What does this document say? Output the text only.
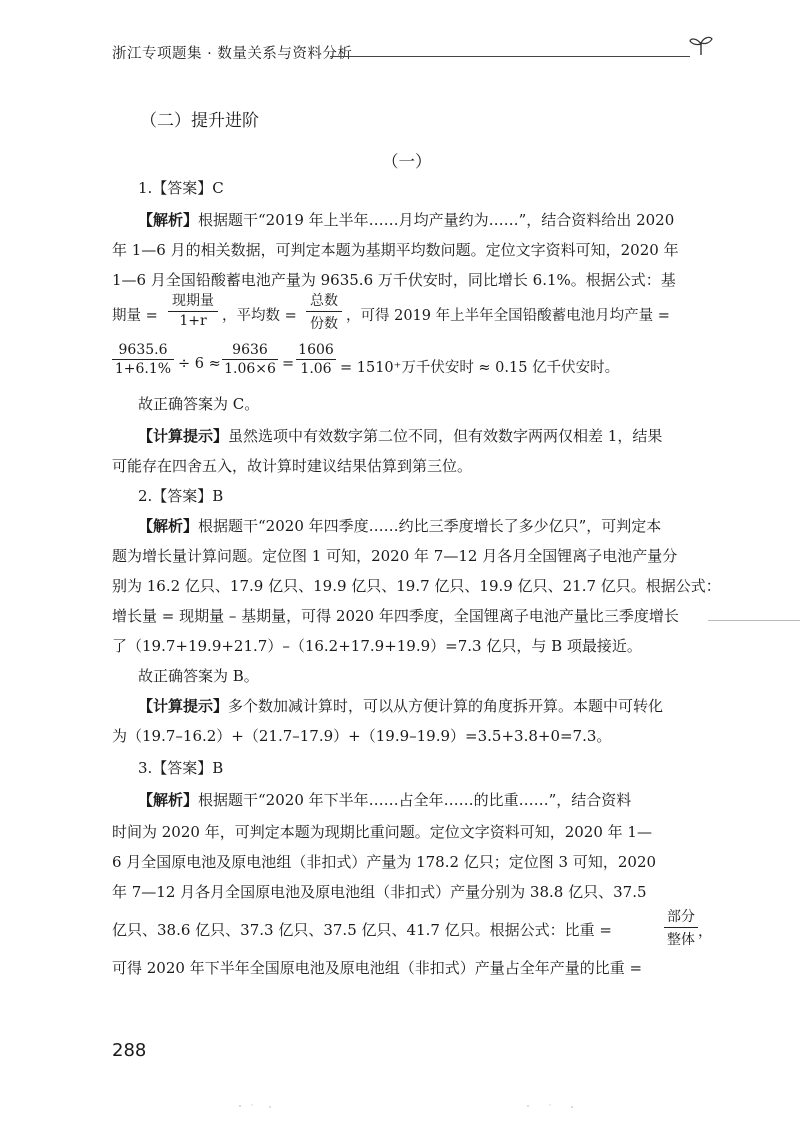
浙江专项题集 · 数量关系与资料分析
（二）提升进阶
（一）
1.【答案】C
【解析】根据题干“2019 年上半年……月均产量约为……”，结合资料给出 2020
年 1—6 月的相关数据，可判定本题为基期平均数问题。定位文字资料可知，2020 年
1—6 月全国铅酸蓄电池产量为 9635.6 万千伏安时，同比增长 6.1%。根据公式：基
期量 =
现期量
1+r	，平均数 =
总数
份数 ，可得 2019 年上半年全国铅酸蓄电池月均产量 =
$\frac{9635.6}{1+6.1\%} \div 6 \approx \frac{9636}{1.06\times 6} = \frac{1606}{1.06} = 1510^+$万千伏安时 ≈ 0.15 亿千伏安时。
故正确答案为 C。
【计算提示】虽然选项中有效数字第二位不同，但有效数字两两仅相差 1，结果
可能存在四舍五入，故计算时建议结果估算到第三位。
2.【答案】B
【解析】根据题干“2020 年四季度……约比三季度增长了多少亿只”，可判定本
题为增长量计算问题。定位图 1 可知，2020 年 7—12 月各月全国锂离子电池产量分
别为 16.2 亿只、17.9 亿只、19.9 亿只、19.7 亿只、19.9 亿只、21.7 亿只。根据公式：
增长量 = 现期量 – 基期量，可得 2020 年四季度，全国锂离子电池产量比三季度增长
了（19.7+19.9+21.7）–（16.2+17.9+19.9）=7.3 亿只，与 B 项最接近。
故正确答案为 B。
【计算提示】多个数加减计算时，可以从方便计算的角度拆开算。本题中可转化
为（19.7–16.2）+（21.7–17.9）+（19.9–19.9）=3.5+3.8+0=7.3。
3.【答案】B
【解析】根据题干“2020 年下半年……占全年……的比重……”，结合资料
时间为 2020 年，可判定本题为现期比重问题。定位文字资料可知，2020 年 1—
6 月全国原电池及原电池组（非扣式）产量为 178.2 亿只；定位图 3 可知，2020
年 7—12 月各月全国原电池及原电池组（非扣式）产量分别为 38.8 亿只、37.5
亿只、38.6 亿只、37.3 亿只、37.5 亿只、41.7 亿只。根据公式：比重 =
部分
整体 ，
可得 2020 年下半年全国原电池及原电池组（非扣式）产量占全年产量的比重 =
288
